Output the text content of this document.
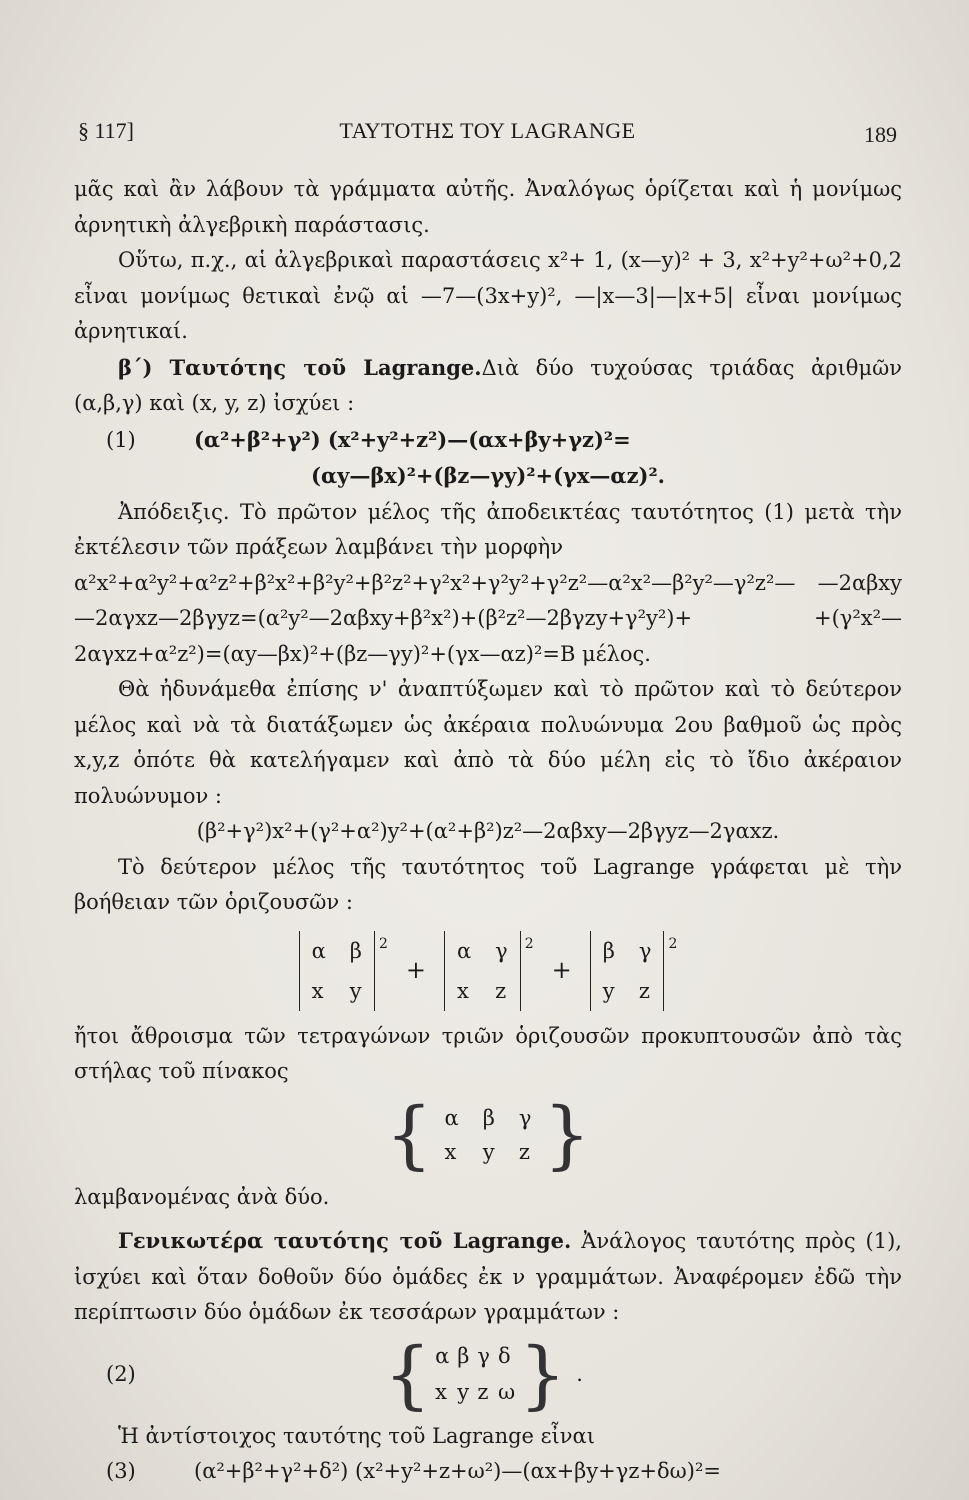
§ 117]	ΤΑΥΤΟΤΗΣ ΤΟΥ LAGRANGE	189

μᾶς καὶ ἂν λάβουν τὰ γράμματα αὐτῆς. Ἀναλόγως ὁρίζεται καὶ ἡ μονίμως ἀρνητικὴ ἀλγεβρικὴ παράστασις.

Οὕτω, π.χ., αἱ ἀλγεβρικαὶ παραστάσεις x²+ 1, (x—y)² + 3, x²+y²+ω²+0,2 εἶναι μονίμως θετικαὶ ἐνῷ αἱ —7—(3x+y)², —|x—3|—|x+5| εἶναι μονίμως ἀρνητικαί.

β΄) Ταυτότης τοῦ Lagrange.Διὰ δύο τυχούσας τριάδας ἀριθμῶν (α,β,γ) καὶ (x, y, z) ἰσχύει :

(1)	(α²+β²+γ²) (x²+y²+z²)—(αx+βy+γz)²=
(αy—βx)²+(βz—γy)²+(γx—αz)².

Ἀπόδειξις. Τὸ πρῶτον μέλος τῆς ἀποδεικτέας ταυτότητος (1) μετὰ τὴν ἐκτέλεσιν τῶν πράξεων λαμβάνει τὴν μορφὴν

α²x²+α²y²+α²z²+β²x²+β²y²+β²z²+γ²x²+γ²y²+γ²z²—α²x²—β²y²—γ²z²— —2αβxy—2αγxz—2βγyz=(α²y²—2αβxy+β²x²)+(β²z²—2βγzy+γ²y²)+ +(γ²x²—2αγxz+α²z²)=(αy—βx)²+(βz—γy)²+(γx—αz)²=B μέλος.

Θὰ ἠδυνάμεθα ἐπίσης ν' ἀναπτύξωμεν καὶ τὸ πρῶτον καὶ τὸ δεύτερον μέλος καὶ νὰ τὰ διατάξωμεν ὡς ἀκέραια πολυώνυμα 2ου βαθμοῦ ὡς πρὸς x,y,z ὁπότε θὰ κατελήγαμεν καὶ ἀπὸ τὰ δύο μέλη εἰς τὸ ἴδιο ἀκέραιον πολυώνυμον :

(β²+γ²)x²+(γ²+α²)y²+(α²+β²)z²—2αβxy—2βγyz—2γαxz.

Τὸ δεύτερον μέλος τῆς ταυτότητος τοῦ Lagrange γράφεται μὲ τὴν βοήθειαν τῶν ὁριζουσῶν :

α	β
x	y
2
+
α	γ
x	z
2
+
β	γ
y	z
2

ἤτοι ἄθροισμα τῶν τετραγώνων τριῶν ὁριζουσῶν προκυπτουσῶν ἀπὸ τὰς στήλας τοῦ πίνακος

{ α	β	γ
x	y	z }

λαμβανομένας ἀνὰ δύο.

Γενικωτέρα ταυτότης τοῦ Lagrange. Ἀνάλογος ταυτότης πρὸς (1), ἰσχύει καὶ ὅταν δοθοῦν δύο ὁμάδες ἐκ ν γραμμάτων. Ἀναφέρομεν ἐδῶ τὴν περίπτωσιν δύο ὁμάδων ἐκ τεσσάρων γραμμάτων :

(2)	{ α	β	γ	δ
x	y	z	ω } .

Ἡ ἀντίστοιχος ταυτότης τοῦ Lagrange εἶναι

(3)	(α²+β²+γ²+δ²) (x²+y²+z+ω²)—(αx+βy+γz+δω)²=
